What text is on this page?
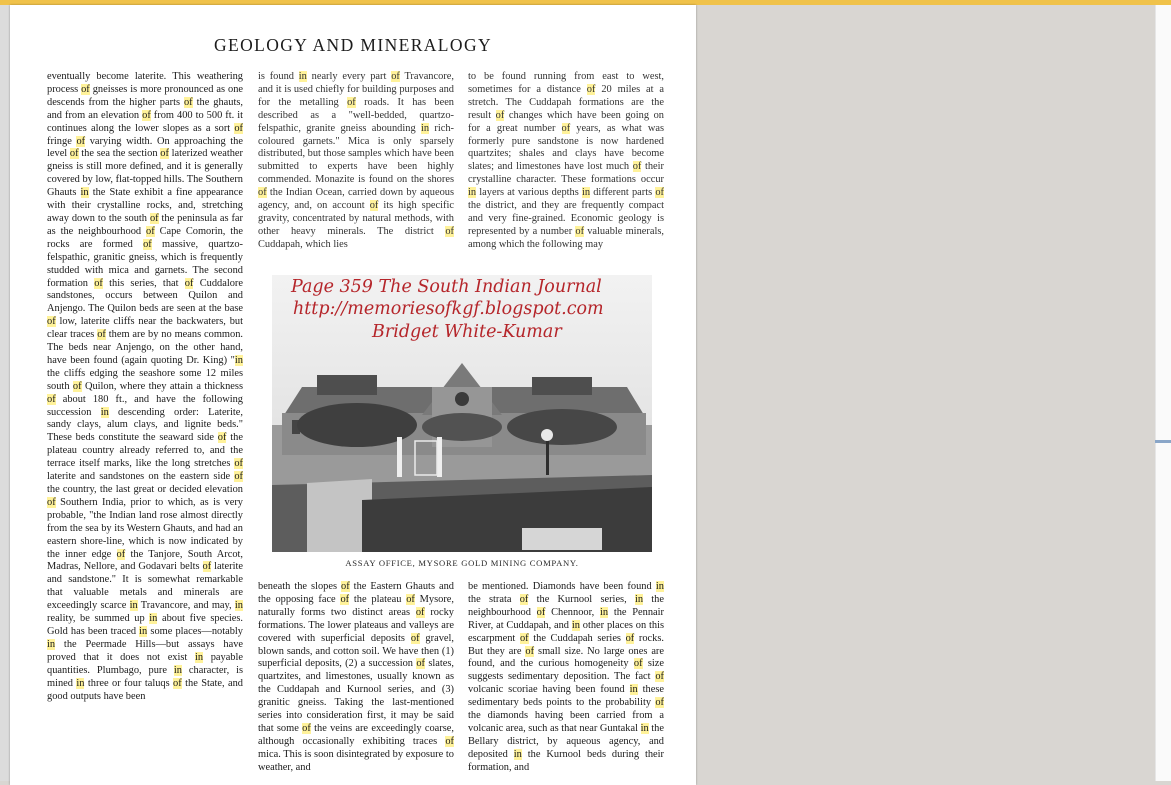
GEOLOGY AND MINERALOGY

eventually become laterite. This weathering process of gneisses is more pronounced as one descends from the higher parts of the ghauts, and from an elevation of from 400 to 500 ft. it continues along the lower slopes as a sort of fringe of varying width. On approaching the level of the sea the section of laterized weather gneiss is still more defined, and it is generally covered by low, flat-topped hills. The Southern Ghauts in the State exhibit a fine appearance with their crystalline rocks, and, stretching away down to the south of the peninsula as far as the neighbourhood of Cape Comorin, the rocks are formed of massive, quartzo-felspathic, granitic gneiss, which is frequently studded with mica and garnets. The second formation of this series, that of Cuddalore sandstones, occurs between Quilon and Anjengo. The Quilon beds are seen at the base of low, laterite cliffs near the backwaters, but clear traces of them are by no means common. The beds near Anjengo, on the other hand, have been found (again quoting Dr. King) "in the cliffs edging the seashore some 12 miles south of Quilon, where they attain a thickness of about 180 ft., and have the following succession in descending order: Laterite, sandy clays, alum clays, and lignite beds." These beds constitute the seaward side of the plateau country already referred to, and the terrace itself marks, like the long stretches of laterite and sandstones on the eastern side of the country, the last great or decided elevation of Southern India, prior to which, as is very probable, "the Indian land rose almost directly from the sea by its Western Ghauts, and had an eastern shore-line, which is now indicated by the inner edge of the Tanjore, South Arcot, Madras, Nellore, and Godavari belts of laterite and sandstone." It is somewhat remarkable that valuable metals and minerals are exceedingly scarce in Travancore, and may, in reality, be summed up in about five species. Gold has been traced in some places—notably in the Peermade Hills—but assays have proved that it does not exist in payable quantities. Plumbago, pure in character, is mined in three or four taluqs of the State, and good outputs have been

is found in nearly every part of Travancore, and it is used chiefly for building purposes and for the metalling of roads. It has been described as a "well-bedded, quartzo-felspathic, granite gneiss abounding in rich-coloured garnets." Mica is only sparsely distributed, but those samples which have been submitted to experts have been highly commended. Monazite is found on the shores of the Indian Ocean, carried down by aqueous agency, and, on account of its high specific gravity, concentrated by natural methods, with other heavy minerals. The district of Cuddapah, which lies

to be found running from east to west, sometimes for a distance of 20 miles at a stretch. The Cuddapah formations are the result of changes which have been going on for a great number of years, as what was formerly pure sandstone is now hardened quartzites; shales and clays have become slates; and limestones have lost much of their crystalline character. These formations occur in layers at various depths in different parts of the district, and they are frequently compact and very fine-grained. Economic geology is represented by a number of valuable minerals, among which the following may

beneath the slopes of the Eastern Ghauts and the opposing face of the plateau of Mysore, naturally forms two distinct areas of rocky formations. The lower plateaus and valleys are covered with superficial deposits of gravel, blown sands, and cotton soil. We have then (1) superficial deposits, (2) a succession of slates, quartzites, and limestones, usually known as the Cuddapah and Kurnool series, and (3) granitic gneiss. Taking the last-mentioned series into consideration first, it may be said that some of the veins are exceedingly coarse, although occasionally exhibiting traces of mica. This is soon disintegrated by exposure to weather, and

be mentioned. Diamonds have been found in the strata of the Kurnool series, in the neighbourhood of Chennoor, in the Pennair River, at Cuddapah, and in other places on this escarpment of the Cuddapah series of rocks. But they are of small size. No large ones are found, and the curious homogeneity of size suggests sedimentary deposition. The fact of volcanic scoriae having been found in these sedimentary beds points to the probability of the diamonds having been carried from a volcanic area, such as that near Guntakal in the Bellary district, by aqueous agency, and deposited in the Kurnool beds during their formation, and

ASSAY OFFICE, MYSORE GOLD MINING COMPANY.
Page 359 The South Indian Journal
http://memoriesofkgf.blogspot.com
Bridget White-Kumar
